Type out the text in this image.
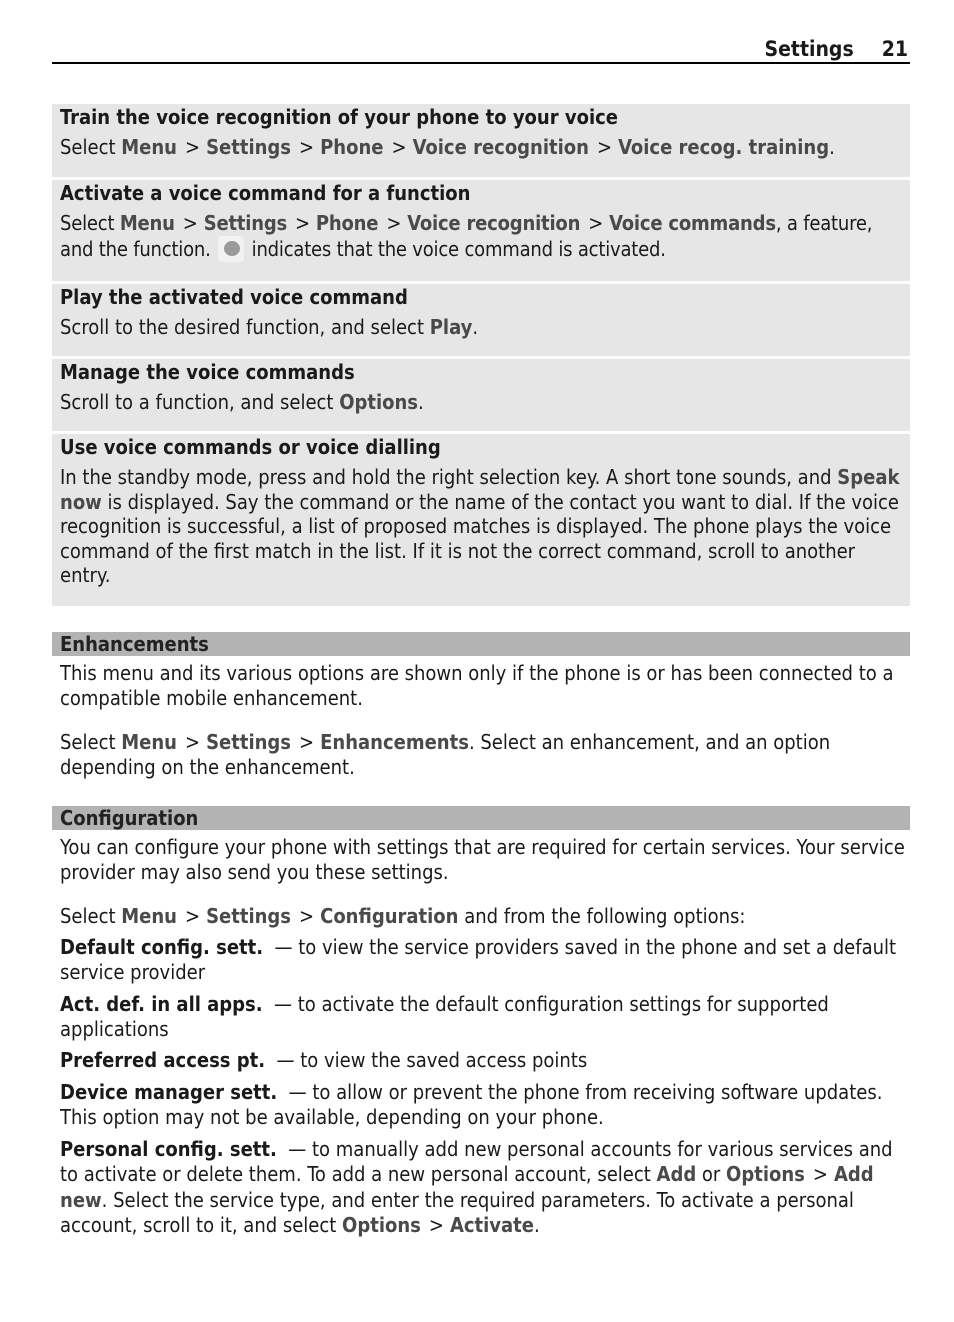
Settings 21
Train the voice recognition of your phone to your voice

Select Menu > Settings > Phone > Voice recognition > Voice recog. training.

Activate a voice command for a function

Select Menu > Settings > Phone > Voice recognition > Voice commands, a feature, and the function. indicates that the voice command is activated.

Play the activated voice command

Scroll to the desired function, and select Play.

Manage the voice commands

Scroll to a function, and select Options.

Use voice commands or voice dialling

In the standby mode, press and hold the right selection key. A short tone sounds, and Speak now is displayed. Say the command or the name of the contact you want to dial. If the voice recognition is successful, a list of proposed matches is displayed. The phone plays the voice command of the first match in the list. If it is not the correct command, scroll to another entry.

Enhancements

This menu and its various options are shown only if the phone is or has been connected to a compatible mobile enhancement.

Select Menu > Settings > Enhancements. Select an enhancement, and an option depending on the enhancement.

Configuration

You can configure your phone with settings that are required for certain services. Your service provider may also send you these settings.

Select Menu > Settings > Configuration and from the following options:

Default config. sett. — to view the service providers saved in the phone and set a default service provider

Act. def. in all apps. — to activate the default configuration settings for supported applications

Preferred access pt. — to view the saved access points

Device manager sett. — to allow or prevent the phone from receiving software updates. This option may not be available, depending on your phone.

Personal config. sett. — to manually add new personal accounts for various services and to activate or delete them. To add a new personal account, select Add or Options > Add new. Select the service type, and enter the required parameters. To activate a personal account, scroll to it, and select Options > Activate.
